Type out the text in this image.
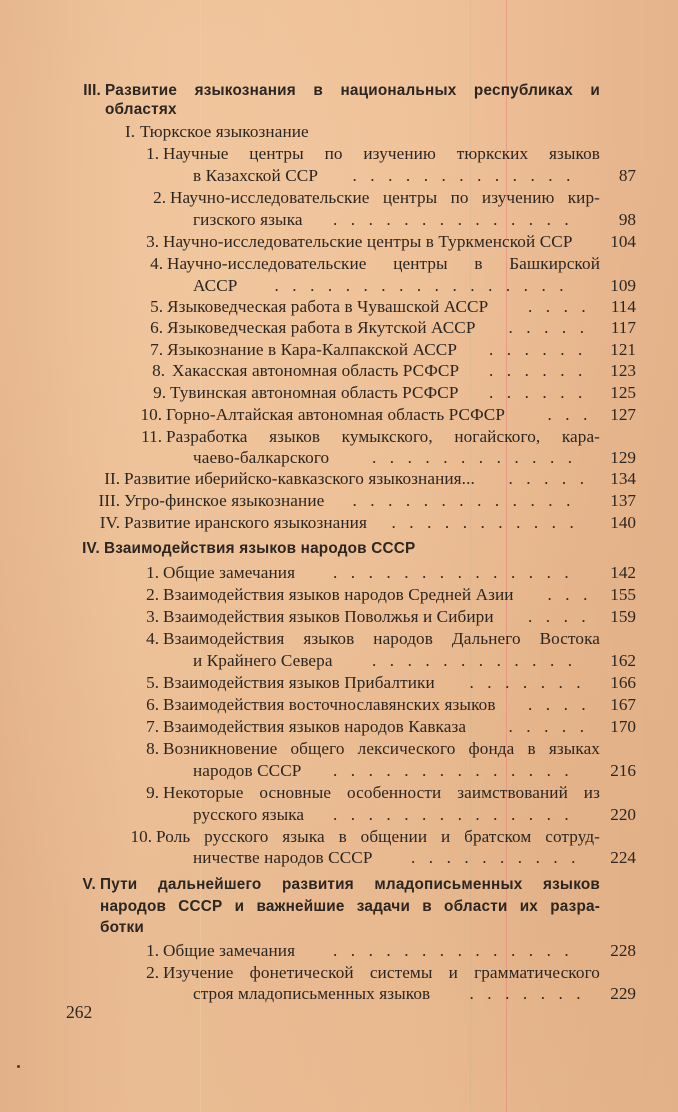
III. Развитие языкознания в национальных республиках и
областях
I. Тюркское языкознание
1. Научные центры по изучению тюркских языков
в Казахской ССР	87
.............
2. Научно-исследовательские центры по изучению кир-
гизского языка	98
..............
3. Научно-исследовательские центры в Туркменской ССР 104
4. Научно-исследовательские центры в Башкирской
АССР	109
.................
5. Языковедческая работа в Чувашской АССР	114
....
6. Языковедческая работа в Якутской АССР	117
.....
7. Языкознание в Кара-Калпакской АССР	121
......
8. Хакасская автономная область РСФСР	123
......
9. Тувинская автономная область РСФСР	125
......
10. Горно-Алтайская автономная область РСФСР	127
...
11. Разработка языков кумыкского, ногайского, кара-
чаево-балкарского	129
............
II. Развитие иберийско-кавказского языкознания...	134
.....
III. Угро-финское языкознание	137
.............
IV. Развитие иранского языкознания	140
...........
IV. Взаимодействия языков народов СССР
1. Общие замечания	142
..............
2. Взаимодействия языков народов Средней Азии	155
...
3. Взаимодействия языков Поволжья и Сибири	159
....
4. Взаимодействия языков народов Дальнего Востока
и Крайнего Севера	162
............
5. Взаимодействия языков Прибалтики	166
.......
6. Взаимодействия восточнославянских языков	167
....
7. Взаимодействия языков народов Кавказа	170
.....
8. Возникновение общего лексического фонда в языках
народов СССР	216
..............
9. Некоторые основные особенности заимствований из
русского языка	220
..............
10. Роль русского языка в общении и братском сотруд-
ничестве народов СССР	224
..........
V. Пути дальнейшего развития младописьменных языков
народов СССР и важнейшие задачи в области их разра-
ботки
1. Общие замечания	228
..............
2. Изучение фонетической системы и грамматического
строя младописьменных языков	229
.......
262
